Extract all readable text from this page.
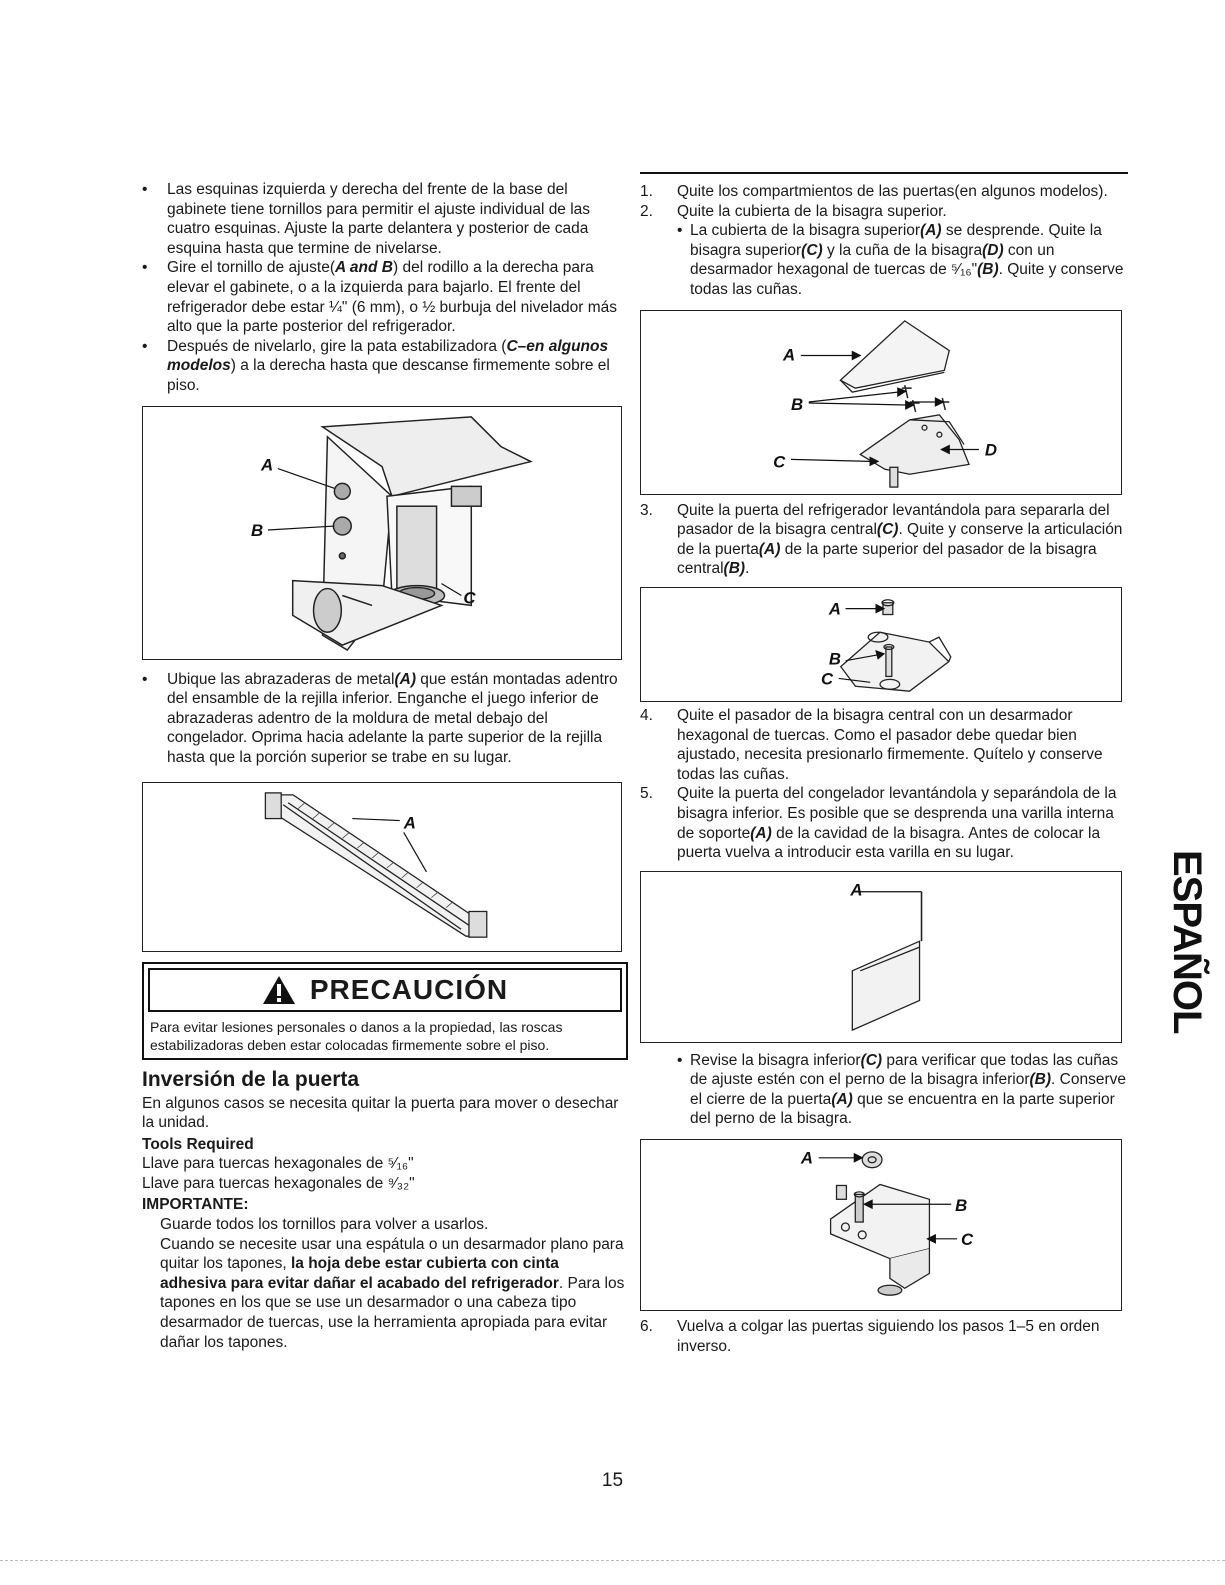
• Las esquinas izquierda y derecha del frente de la base del gabinete tiene tornillos para permitir el ajuste individual de las cuatro esquinas. Ajuste la parte delantera y posterior de cada esquina hasta que termine de nivelarse.
• Gire el tornillo de ajuste(A and B) del rodillo a la derecha para elevar el gabinete, o a la izquierda para bajarlo. El frente del refrigerador debe estar ¼" (6 mm), o ½ burbuja del nivelador más alto que la parte posterior del refrigerador.
• Después de nivelarlo, gire la pata estabilizadora (C–en algunos modelos) a la derecha hasta que descanse firmemente sobre el piso.
A
B
C
• Ubique las abrazaderas de metal(A) que están montadas adentro del ensamble de la rejilla inferior. Enganche el juego inferior de abrazaderas adentro de la moldura de metal debajo del congelador. Oprima hacia adelante la parte superior de la rejilla hasta que la porción superior se trabe en su lugar.
A
PRECAUCIÓN
Para evitar lesiones personales o danos a la propiedad, las roscas estabilizadoras deben estar colocadas firmemente sobre el piso.
Inversión de la puerta
En algunos casos se necesita quitar la puerta para mover o desechar la unidad.
Tools Required
Llave para tuercas hexagonales de ⁵⁄₁₆"
Llave para tuercas hexagonales de ⁹⁄₃₂"
IMPORTANTE:
Guarde todos los tornillos para volver a usarlos.
Cuando se necesite usar una espátula o un desarmador plano para quitar los tapones, la hoja debe estar cubierta con cinta adhesiva para evitar dañar el acabado del refrigerador. Para los tapones en los que se use un desarmador o una cabeza tipo desarmador de tuercas, use la herramienta apropiada para evitar dañar los tapones.
1. Quite los compartmientos de las puertas(en algunos modelos).
2. Quite la cubierta de la bisagra superior.
• La cubierta de la bisagra superior(A) se desprende. Quite la bisagra superior(C) y la cuña de la bisagra(D) con un desarmador hexagonal de tuercas de ⁵⁄₁₆"(B). Quite y conserve todas las cuñas.
A
B
C
D
3. Quite la puerta del refrigerador levantándola para separarla del pasador de la bisagra central(C). Quite y conserve la articulación de la puerta(A) de la parte superior del pasador de la bisagra central(B).
A
B
C
4. Quite el pasador de la bisagra central con un desarmador hexagonal de tuercas. Como el pasador debe quedar bien ajustado, necesita presionarlo firmemente. Quítelo y conserve todas las cuñas.
5. Quite la puerta del congelador levantándola y separándola de la bisagra inferior. Es posible que se desprenda una varilla interna de soporte(A) de la cavidad de la bisagra. Antes de colocar la puerta vuelva a introducir esta varilla en su lugar.
A
• Revise la bisagra inferior(C) para verificar que todas las cuñas de ajuste estén con el perno de la bisagra inferior(B). Conserve el cierre de la puerta(A) que se encuentra en la parte superior del perno de la bisagra.
A
B
C
6. Vuelva a colgar las puertas siguiendo los pasos 1–5 en orden inverso.
ESPAÑOL
15
